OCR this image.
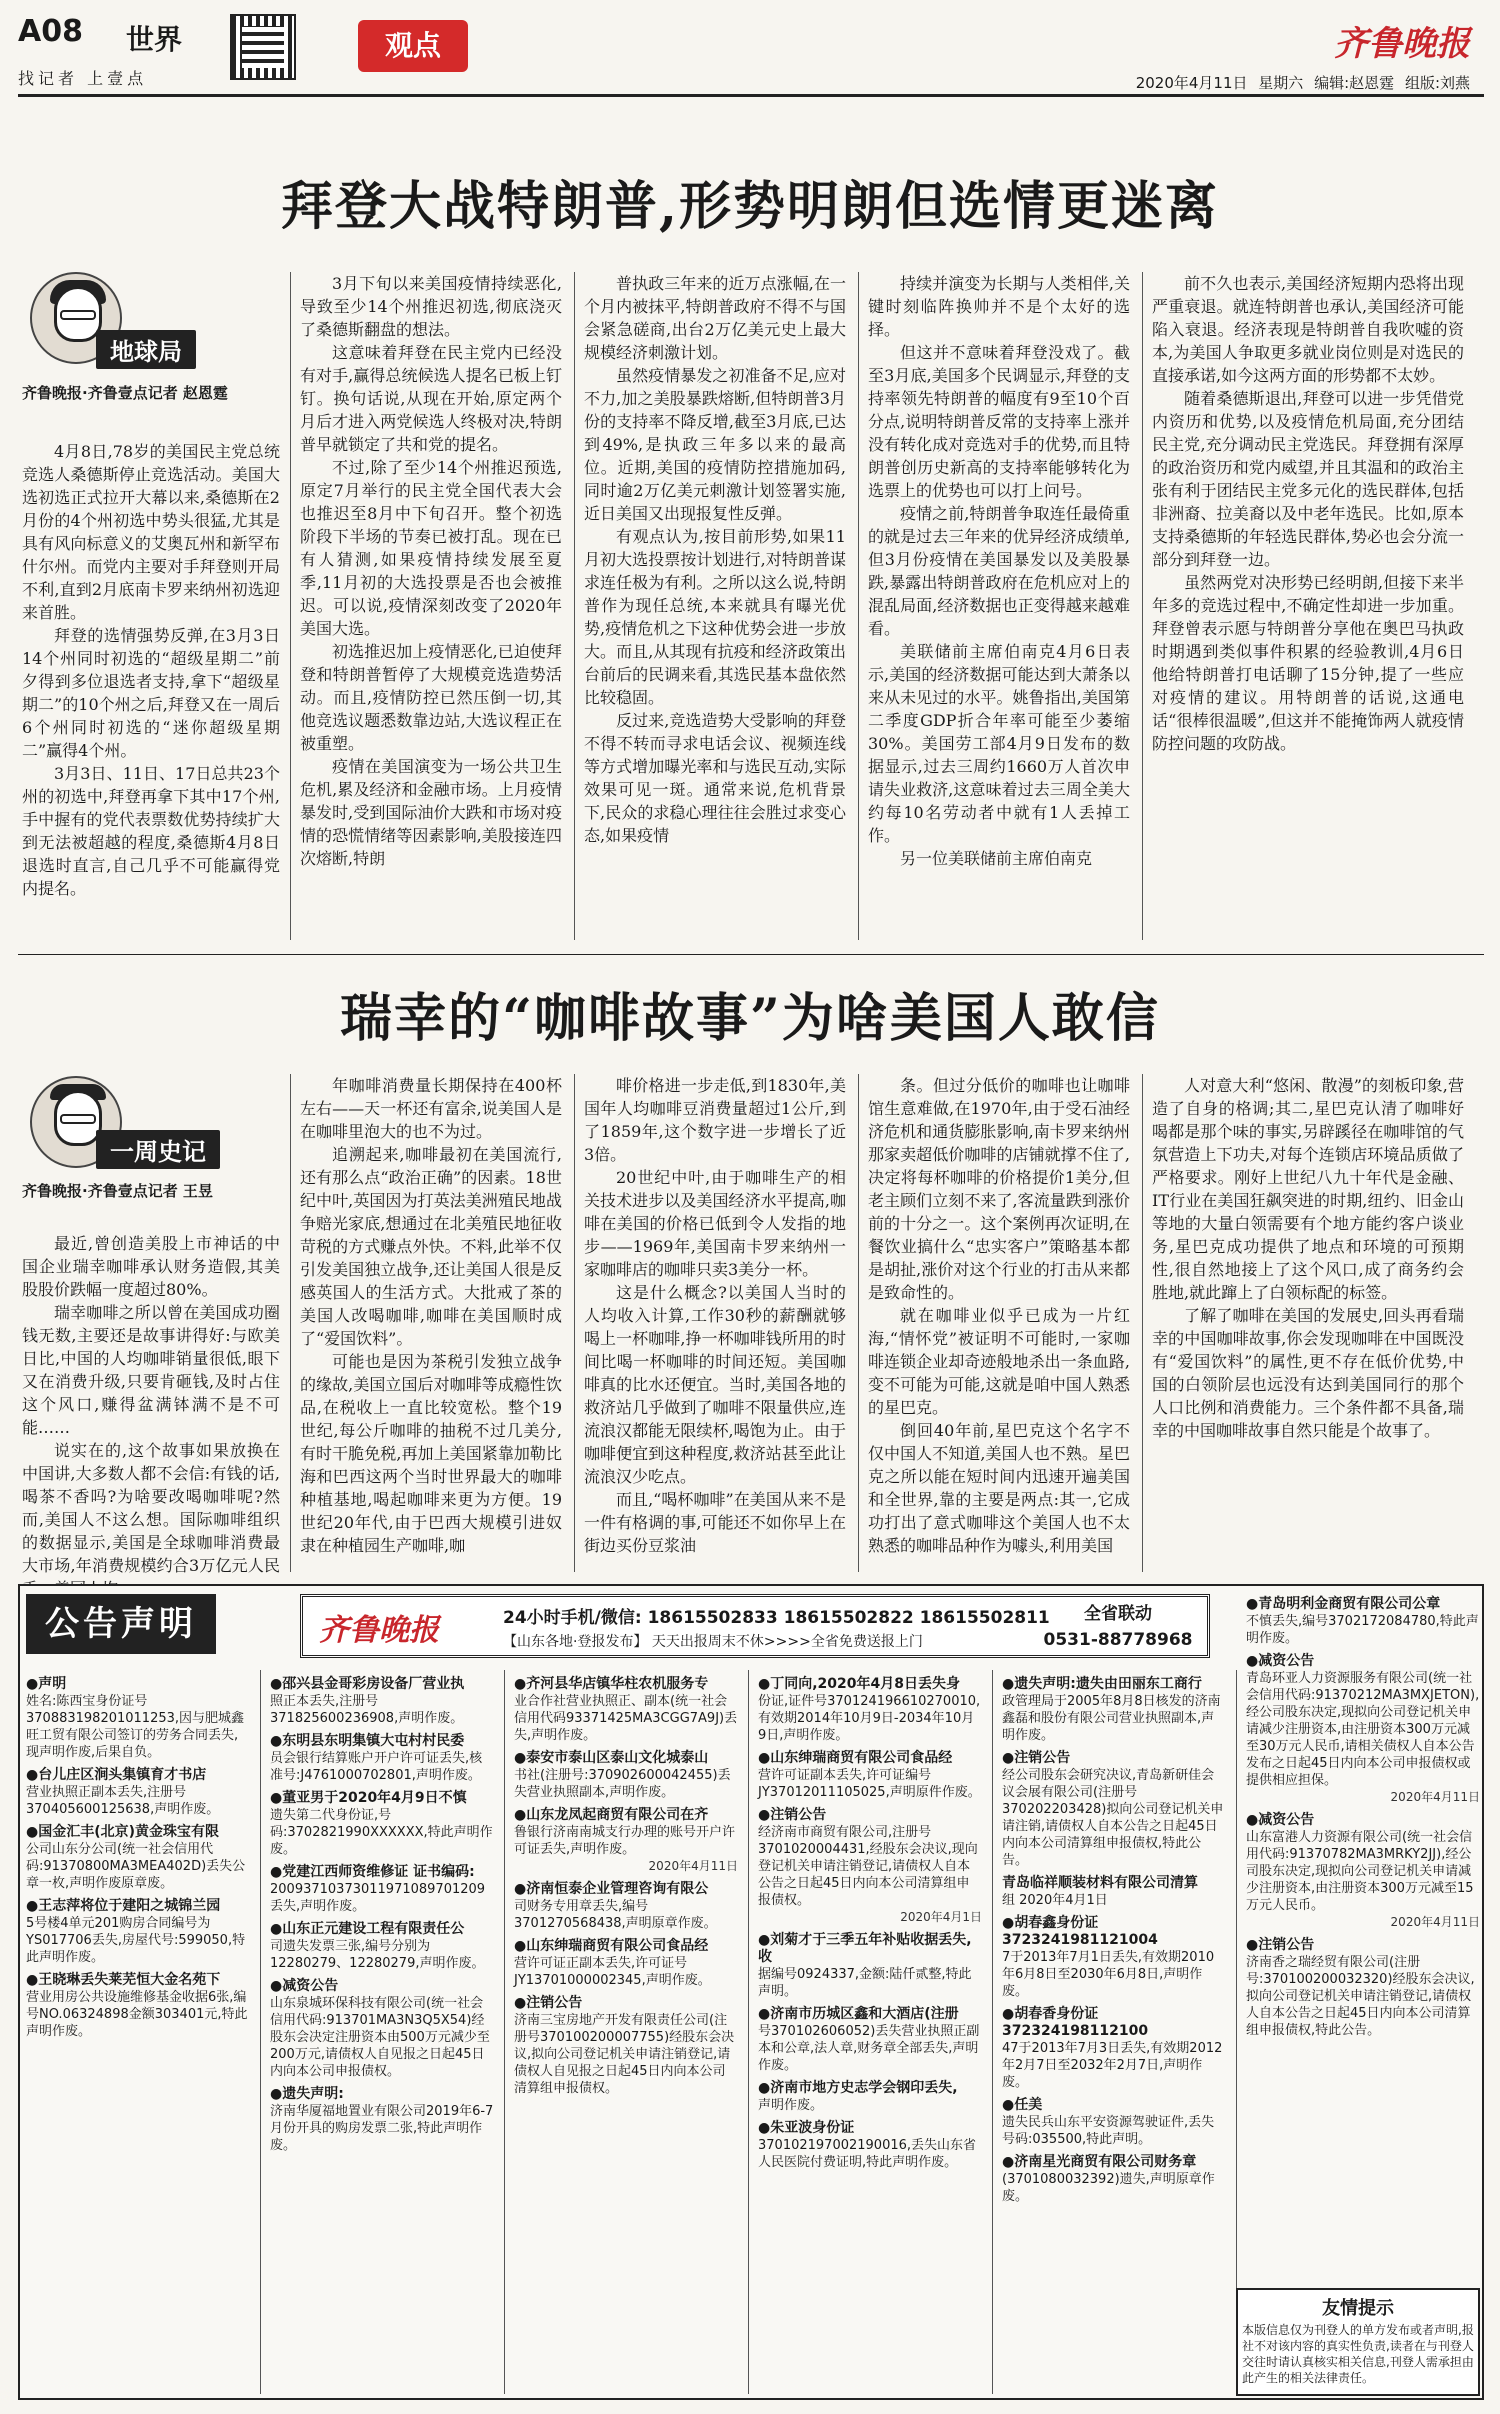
A08 世界
找记者 上壹点
观点	齐鲁晚报
2020年4月11日 星期六 编辑:赵恩霆 组版:刘燕
拜登大战特朗普,形势明朗但选情更迷离
地球局
齐鲁晚报·齐鲁壹点记者 赵恩霆

4月8日,78岁的美国民主党总统竞选人桑德斯停止竞选活动。美国大选初选正式拉开大幕以来,桑德斯在2月份的4个州初选中势头很猛,尤其是具有风向标意义的艾奥瓦州和新罕布什尔州。而党内主要对手拜登则开局不利,直到2月底南卡罗来纳州初选迎来首胜。

拜登的选情强势反弹,在3月3日14个州同时初选的“超级星期二”前夕得到多位退选者支持,拿下“超级星期二”的10个州之后,拜登又在一周后6个州同时初选的“迷你超级星期二”赢得4个州。

3月3日、11日、17日总共23个州的初选中,拜登再拿下其中17个州,手中握有的党代表票数优势持续扩大到无法被超越的程度,桑德斯4月8日退选时直言,自己几乎不可能赢得党内提名。

3月下旬以来美国疫情持续恶化,导致至少14个州推迟初选,彻底浇灭了桑德斯翻盘的想法。

这意味着拜登在民主党内已经没有对手,赢得总统候选人提名已板上钉钉。换句话说,从现在开始,原定两个月后才进入两党候选人终极对决,特朗普早就锁定了共和党的提名。

不过,除了至少14个州推迟预选,原定7月举行的民主党全国代表大会也推迟至8月中下旬召开。整个初选阶段下半场的节奏已被打乱。现在已有人猜测,如果疫情持续发展至夏季,11月初的大选投票是否也会被推迟。可以说,疫情深刻改变了2020年美国大选。

初选推迟加上疫情恶化,已迫使拜登和特朗普暂停了大规模竞选造势活动。而且,疫情防控已然压倒一切,其他竞选议题悉数靠边站,大选议程正在被重塑。

疫情在美国演变为一场公共卫生危机,累及经济和金融市场。上月疫情暴发时,受到国际油价大跌和市场对疫情的恐慌情绪等因素影响,美股接连四次熔断,特朗

普执政三年来的近万点涨幅,在一个月内被抹平,特朗普政府不得不与国会紧急磋商,出台2万亿美元史上最大规模经济刺激计划。

虽然疫情暴发之初准备不足,应对不力,加之美股暴跌熔断,但特朗普3月份的支持率不降反增,截至3月底,已达到49%,是执政三年多以来的最高位。近期,美国的疫情防控措施加码,同时逾2万亿美元刺激计划签署实施,近日美国又出现报复性反弹。

有观点认为,按目前形势,如果11月初大选投票按计划进行,对特朗普谋求连任极为有利。之所以这么说,特朗普作为现任总统,本来就具有曝光优势,疫情危机之下这种优势会进一步放大。而且,从其现有抗疫和经济政策出台前后的民调来看,其选民基本盘依然比较稳固。

反过来,竞选造势大受影响的拜登不得不转而寻求电话会议、视频连线等方式增加曝光率和与选民互动,实际效果可见一斑。通常来说,危机背景下,民众的求稳心理往往会胜过求变心态,如果疫情

持续并演变为长期与人类相伴,关键时刻临阵换帅并不是个太好的选择。

但这并不意味着拜登没戏了。截至3月底,美国多个民调显示,拜登的支持率领先特朗普的幅度有9至10个百分点,说明特朗普反常的支持率上涨并没有转化成对竞选对手的优势,而且特朗普创历史新高的支持率能够转化为选票上的优势也可以打上问号。

疫情之前,特朗普争取连任最倚重的就是过去三年来的优异经济成绩单,但3月份疫情在美国暴发以及美股暴跌,暴露出特朗普政府在危机应对上的混乱局面,经济数据也正变得越来越难看。

美联储前主席伯南克4月6日表示,美国的经济数据可能达到大萧条以来从未见过的水平。姚鲁指出,美国第二季度GDP折合年率可能至少萎缩30%。美国劳工部4月9日发布的数据显示,过去三周约1660万人首次申请失业救济,这意味着过去三周全美大约每10名劳动者中就有1人丢掉工作。

另一位美联储前主席伯南克

前不久也表示,美国经济短期内恐将出现严重衰退。就连特朗普也承认,美国经济可能陷入衰退。经济表现是特朗普自我吹嘘的资本,为美国人争取更多就业岗位则是对选民的直接承诺,如今这两方面的形势都不太妙。

随着桑德斯退出,拜登可以进一步凭借党内资历和优势,以及疫情危机局面,充分团结民主党,充分调动民主党选民。拜登拥有深厚的政治资历和党内威望,并且其温和的政治主张有利于团结民主党多元化的选民群体,包括非洲裔、拉美裔以及中老年选民。比如,原本支持桑德斯的年轻选民群体,势必也会分流一部分到拜登一边。

虽然两党对决形势已经明朗,但接下来半年多的竞选过程中,不确定性却进一步加重。拜登曾表示愿与特朗普分享他在奥巴马执政时期遇到类似事件积累的经验教训,4月6日他给特朗普打电话聊了15分钟,提了一些应对疫情的建议。用特朗普的话说,这通电话“很棒很温暖”,但这并不能掩饰两人就疫情防控问题的攻防战。

瑞幸的“咖啡故事”为啥美国人敢信
一周史记
齐鲁晚报·齐鲁壹点记者 王昱

最近,曾创造美股上市神话的中国企业瑞幸咖啡承认财务造假,其美股股价跌幅一度超过80%。

瑞幸咖啡之所以曾在美国成功圈钱无数,主要还是故事讲得好:与欧美日比,中国的人均咖啡销量很低,眼下又在消费升级,只要肯砸钱,及时占住这个风口,赚得盆满钵满不是不可能……

说实在的,这个故事如果放换在中国讲,大多数人都不会信:有钱的话,喝茶不香吗?为啥要改喝咖啡呢?然而,美国人不这么想。国际咖啡组织的数据显示,美国是全球咖啡消费最大市场,年消费规模约合3万亿元人民

年咖啡消费量长期保持在400杯左右——天一杯还有富余,说美国人是在咖啡里泡大的也不为过。

追溯起来,咖啡最初在美国流行,还有那么点“政治正确”的因素。18世纪中叶,英国因为打英法美洲殖民地战争赔光家底,想通过在北美殖民地征收苛税的方式赚点外快。不料,此举不仅引发美国独立战争,还让美国人很是反感英国人的生活方式。大批戒了茶的美国人改喝咖啡,咖啡在美国顺时成了“爱国饮料”。

可能也是因为茶税引发独立战争的缘故,美国立国后对咖啡等成瘾性饮品,在税收上一直比较宽松。整个19世纪,每公斤咖啡的抽税不过几美分,有时干脆免税,再加上美国紧靠加勒比海和巴西这两个当时世界最大的咖啡种植基地,喝起咖啡来更为方便。19世纪20年代,由于巴西大规模引进奴隶在种植园生产咖啡,咖

啡价格进一步走低,到1830年,美国年人均咖啡豆消费量超过1公斤,到了1859年,这个数字进一步增长了近3倍。

20世纪中叶,由于咖啡生产的相关技术进步以及美国经济水平提高,咖啡在美国的价格已低到令人发指的地步——1969年,美国南卡罗来纳州一家咖啡店的咖啡只卖3美分一杯。

这是什么概念?以美国人当时的人均收入计算,工作30秒的薪酬就够喝上一杯咖啡,挣一杯咖啡钱所用的时间比喝一杯咖啡的时间还短。美国咖啡真的比水还便宜。当时,美国各地的救济站几乎做到了咖啡不限量供应,连流浪汉都能无限续杯,喝饱为止。由于咖啡便宜到这种程度,救济站甚至此让流浪汉少吃点。

而且,“喝杯咖啡”在美国从来不是一件有格调的事,可能还不如你早上在街边买份豆浆油

条。但过分低价的咖啡也让咖啡馆生意难做,在1970年,由于受石油经济危机和通货膨胀影响,南卡罗来纳州那家卖超低价咖啡的店铺就撑不住了,决定将每杯咖啡的价格提价1美分,但老主顾们立刻不来了,客流量跌到涨价前的十分之一。这个案例再次证明,在餐饮业搞什么“忠实客户”策略基本都是胡扯,涨价对这个行业的打击从来都是致命性的。

就在咖啡业似乎已成为一片红海,“情怀党”被证明不可能时,一家咖啡连锁企业却奇迹般地杀出一条血路,变不可能为可能,这就是咱中国人熟悉的星巴克。

倒回40年前,星巴克这个名字不仅中国人不知道,美国人也不熟。星巴克之所以能在短时间内迅速开遍美国和全世界,靠的主要是两点:其一,它成功打出了意式咖啡这个美国人也不太熟悉的咖啡品种作为噱头,利用美国

人对意大利“悠闲、散漫”的刻板印象,营造了自身的格调;其二,星巴克认清了咖啡好喝都是那个味的事实,另辟蹊径在咖啡馆的气氛营造上下功夫,对每个连锁店环境品质做了严格要求。刚好上世纪八九十年代是金融、IT行业在美国狂飙突进的时期,纽约、旧金山等地的大量白领需要有个地方能约客户谈业务,星巴克成功提供了地点和环境的可预期性,很自然地接上了这个风口,成了商务约会胜地,就此蹿上了白领标配的标签。

了解了咖啡在美国的发展史,回头再看瑞幸的中国咖啡故事,你会发现咖啡在中国既没有“爱国饮料”的属性,更不存在低价优势,中国的白领阶层也远没有达到美国同行的那个人口比例和消费能力。三个条件都不具备,瑞幸的中国咖啡故事自然只能是个故事了。

公告声明	齐鲁晚报	24小时手机/微信: 18615502833 18615502822 18615502811
【山东各地·登报发布】 天天出报周末不休>>>>全省免费送报上门
全省联动
0531-88778968
●声明
姓名:陈西宝身份证号370883198201011253,因与肥城鑫旺工贸有限公司签订的劳务合同丢失,现声明作废,后果自负。
●台儿庄区涧头集镇育才书店
营业执照正副本丢失,注册号370405600125638,声明作废。
●国金汇丰(北京)黄金珠宝有限
公司山东分公司(统一社会信用代码:91370800MA3MEA402D)丢失公章一枚,声明作废原章废。
●王志萍将位于建阳之城锦兰园
5号楼4单元201购房合同编号为YS017706丢失,房屋代号:599050,特此声明作废。
●王晓琳丢失莱芜恒大金名苑下
营业用房公共设施维修基金收据6张,编号NO.06324898金额303401元,特此声明作废。
●邵兴县金哥彩房设备厂营业执
照正本丢失,注册号371825600236908,声明作废。
●东明县东明集镇大屯村村民委
员会银行结算账户开户许可证丢失,核准号:J4761000702801,声明作废。
●董亚男于2020年4月9日不慎
遗失第二代身份证,号码:3702821990XXXXXX,特此声明作废。
●党建江西师资维修证 证书编码:
20093710373011971089701209丢失,声明作废。
●山东正元建设工程有限责任公
司遗失发票三张,编号分别为12280279、12280279,声明作废。
●减资公告
山东泉城环保科技有限公司(统一社会信用代码:913701MA3N3Q5X54)经股东会决定注册资本由500万元减少至200万元,请债权人自见报之日起45日内向本公司申报债权。
●遗失声明:
济南华厦福地置业有限公司2019年6-7月份开具的购房发票二张,特此声明作废。
●齐河县华店镇华柱农机服务专
业合作社营业执照正、副本(统一社会信用代码93371425MA3CGG7A9J)丢失,声明作废。
●泰安市泰山区泰山文化城泰山
书社(注册号:370902600042455)丢失营业执照副本,声明作废。
●山东龙凤起商贸有限公司在齐
鲁银行济南南城支行办理的账号开户许可证丢失,声明作废。
2020年4月11日
●济南恒泰企业管理咨询有限公
司财务专用章丢失,编号3701270568438,声明原章作废。
●山东绅瑞商贸有限公司食品经
营许可证正副本丢失,许可证号JY13701000002345,声明作废。
●注销公告
济南三宝房地产开发有限责任公司(注册号370100200007755)经股东会决议,拟向公司登记机关申请注销登记,请债权人自见报之日起45日内向本公司清算组申报债权。
●丁同向,2020年4月8日丢失身
份证,证件号370124196610270010,有效期2014年10月9日-2034年10月9日,声明作废。
●山东绅瑞商贸有限公司食品经
营许可证副本丢失,许可证编号JY37012011105025,声明原件作废。
●注销公告
经济南市商贸有限公司,注册号3701020004431,经股东会决议,现向登记机关申请注销登记,请债权人自本公告之日起45日内向本公司清算组申报债权。
2020年4月1日
●刘菊才于三季五年补贴收据丢失,收
据编号0924337,金额:陆仟贰整,特此声明。
●济南市历城区鑫和大酒店(注册
号370102606052)丢失营业执照正副本和公章,法人章,财务章全部丢失,声明作废。
●济南市地方史志学会钢印丢失,
声明作废。
●朱亚波身份证
370102197002190016,丢失山东省人民医院付费证明,特此声明作废。
●遗失声明:遗失由田丽东工商行
政管理局于2005年8月8日核发的济南鑫磊和股份有限公司营业执照副本,声明作废。
●注销公告
经公司股东会研究决议,青岛新研佳会议会展有限公司(注册号370202203428)拟向公司登记机关申请注销,请债权人自本公告之日起45日内向本公司清算组申报债权,特此公告。
青岛临祥顺装材料有限公司清算
组 2020年4月1日
●胡春鑫身份证 3723241981121004
7于2013年7月1日丢失,有效期2010年6月8日至2030年6月8日,声明作废。
●胡春香身份证 372324198112100
47于2013年7月3日丢失,有效期2012年2月7日至2032年2月7日,声明作废。
●任美
遗失民兵山东平安资源驾驶证件,丢失号码:035500,特此声明。
●济南星光商贸有限公司财务章
(3701080032392)遗失,声明原章作废。
●青岛明利金商贸有限公司公章
不慎丢失,编号3702172084780,特此声明作废。
●减资公告
青岛环亚人力资源服务有限公司(统一社会信用代码:91370212MA3MXJETON),经公司股东决定,现拟向公司登记机关申请减少注册资本,由注册资本300万元减至30万元人民币,请相关债权人自本公告发布之日起45日内向本公司申报债权或提供相应担保。
2020年4月11日
●减资公告
山东富港人力资源有限公司(统一社会信用代码:91370782MA3MRKY2JJ),经公司股东决定,现拟向公司登记机关申请减少注册资本,由注册资本300万元减至15万元人民币。
2020年4月11日
●注销公告
济南香之瑞经贸有限公司(注册号:370100200032320)经股东会决议,拟向公司登记机关申请注销登记,请债权人自本公告之日起45日内向本公司清算组申报债权,特此公告。
友情提示
本版信息仅为刊登人的单方发布或者声明,报社不对该内容的真实性负责,读者在与刊登人交往时请认真核实相关信息,刊登人需承担由此产生的相关法律责任。
